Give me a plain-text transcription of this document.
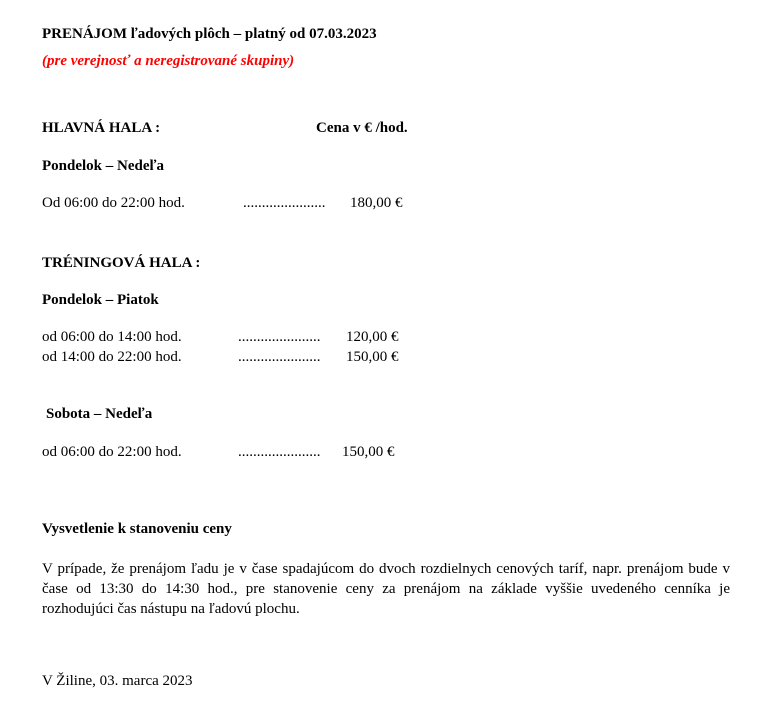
PRENÁJOM ľadových plôch – platný od 07.03.2023
(pre verejnosť a neregistrované skupiny)
HLAVNÁ HALA :	Cena v € /hod.
Pondelok – Nedeľa
Od 06:00 do 22:00 hod.	...................... 180,00 €
TRÉNINGOVÁ HALA :
Pondelok – Piatok
od 06:00 do 14:00 hod.	...................... 120,00 €
od 14:00 do 22:00 hod.	...................... 150,00 €
Sobota – Nedeľa
od 06:00 do 22:00 hod.	...................... 150,00 €
Vysvetlenie k stanoveniu ceny
V prípade, že prenájom ľadu je v čase spadajúcom do dvoch rozdielnych cenových taríf, napr. prenájom bude v čase od 13:30 do 14:30 hod., pre stanovenie ceny za prenájom na základe vyššie uvedeného cenníka je rozhodujúci čas nástupu na ľadovú plochu.
V Žiline, 03. marca 2023
